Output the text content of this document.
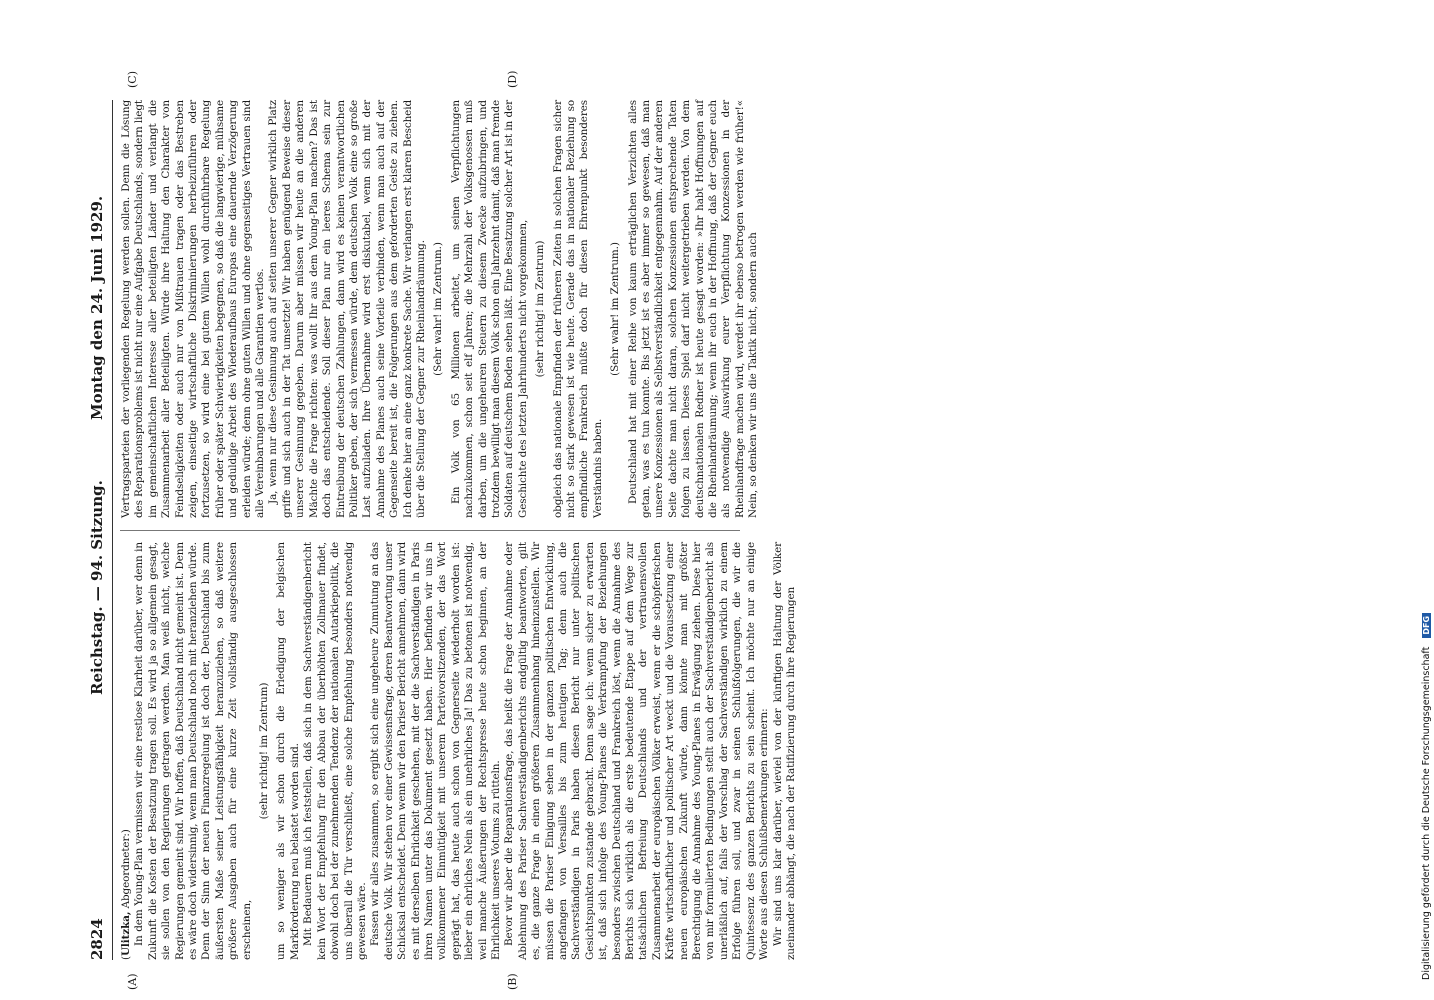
2824
Reichstag. — 94. Sitzung.
Montag den 24. Juni 1929.
(A)	(B)
(C)	(D)

(Ulitzka, Abgeordneter:) In dem Young-Plan vermissen wir eine restlose Klarheit darüber, wer denn in Zukunft die Kosten der Besatzung tragen soll. Es wird ja so allgemein gesagt, sie sollen von den Regierungen getragen werden. Man weiß nicht, welche Regierungen gemeint sind. Wir hoffen, daß Deutschland nicht gemeint ist. Denn es wäre doch widersinnig, wenn man Deutschland noch mit heranziehen würde. Denn der Sinn der neuen Finanzregelung ist doch der, Deutschland bis zum äußersten Maße seiner Leistungsfähigkeit heranzuziehen, so daß weitere größere Ausgaben auch für eine kurze Zeit vollständig ausgeschlossen erscheinen,

(sehr richtig! im Zentrum) um so weniger als wir schon durch die Erledigung der belgischen Markforderung neu belastet worden sind. Mit Bedauern muß ich feststellen, daß sich in dem Sachverständigenbericht kein Wort der Empfehlung für den Abbau der überhöhten Zollmauer findet, obwohl doch bei der zunehmenden Tendenz der nationalen Autarkiepolitik, die uns überall die Tür verschließt, eine solche Empfehlung besonders notwendig gewesen wäre. Fassen wir alles zusammen, so ergibt sich eine ungeheure Zumutung an das deutsche Volk. Wir stehen vor einer Gewissensfrage, deren Beantwortung unser Schicksal entscheidet. Denn wenn wir den Pariser Bericht annehmen, dann wird es mit derselben Ehrlichkeit geschehen, mit der die Sachverständigen in Paris ihren Namen unter das Dokument gesetzt haben. Hier befinden wir uns in vollkommener Einmütigkeit mit unserem Parteivorsitzenden, der das Wort geprägt hat, das heute auch schon von Gegnerseite wiederholt worden ist: lieber ein ehrliches Nein als ein unehrliches Ja! Das zu betonen ist notwendig, weil manche Äußerungen der Rechtspresse heute schon beginnen, an der Ehrlichkeit unseres Votums zu rütteln. Bevor wir aber die Reparationsfrage, das heißt die Frage der Annahme oder Ablehnung des Pariser Sachverständigenberichts endgültig beantworten, gilt es, die ganze Frage in einen größeren Zusammenhang hineinzustellen. Wir müssen die Pariser Einigung sehen in der ganzen politischen Entwicklung, angefangen von Versailles bis zum heutigen Tag; denn auch die Sachverständigen in Paris haben diesen Bericht nur unter politischen Gesichtspunkten zustande gebracht. Denn sage ich: wenn sicher zu erwarten ist, daß sich infolge des Young-Planes die Verkrampfung der Beziehungen besonders zwischen Deutschland und Frankreich löst, wenn die Annahme des Berichts sich wirklich als die erste bedeutende Etappe auf dem Wege zur tatsächlichen Befreiung Deutschlands und der vertrauensvollen Zusammenarbeit der europäischen Völker erweist, wenn er die schöpferischen Kräfte wirtschaftlicher und politischer Art weckt und die Voraussetzung einer neuen europäischen Zukunft würde, dann könnte man mit größter Berechtigung die Annahme des Young-Planes in Erwägung ziehen. Diese hier von mir formulierten Bedingungen stellt auch der Sachverständigenbericht als unerläßlich auf, falls der Vorschlag der Sachverständigen wirklich zu einem Erfolge führen soll, und zwar in seinen Schlußfolgerungen, die wir die Quintessenz des ganzen Berichts zu sein scheint. Ich möchte nur an einige Worte aus diesen Schlußbemerkungen erinnern: Wir sind uns klar darüber, wieviel von der künftigen Haltung der Völker zueinander abhängt, die nach der Ratifizierung durch ihre Regierungen

Vertragsparteien der vorliegenden Regelung werden sollen. Denn die Lösung des Reparationsproblems ist nicht nur eine Aufgabe Deutschlands, sondern liegt im gemeinschaftlichen Interesse aller beteiligten Länder und verlangt die Zusammenarbeit aller Beteiligten. Würde ihre Haltung den Charakter von Feindseligkeiten oder auch nur von Mißtrauen tragen oder das Bestreben zeigen, einseitige wirtschaftliche Diskriminierungen herbeizuführen oder fortzusetzen, so wird eine bei gutem Willen wohl durchführbare Regelung früher oder später Schwierigkeiten begegnen, so daß die langwierige, mühsame und geduldige Arbeit des Wiederaufbaus Europas eine dauernde Verzögerung erleiden würde; denn ohne guten Willen und ohne gegenseitiges Vertrauen sind alle Vereinbarungen und alle Garantien wertlos. Ja, wenn nur diese Gesinnung auch auf seiten unserer Gegner wirklich Platz griffe und sich auch in der Tat umsetzte! Wir haben genügend Beweise dieser unserer Gesinnung gegeben. Darum aber müssen wir heute an die anderen Mächte die Frage richten: was wollt Ihr aus dem Young-Plan machen? Das ist doch das entscheidende. Soll dieser Plan nur ein leeres Schema sein zur Eintreibung der deutschen Zahlungen, dann wird es keinen verantwortlichen Politiker geben, der sich vermessen würde, dem deutschen Volk eine so große Last aufzuladen. Ihre Übernahme wird erst diskutabel, wenn sich mit der Annahme des Planes auch seine Vorteile verbinden, wenn man auch auf der Gegenseite bereit ist, die Folgerungen aus dem geforderten Geiste zu ziehen. Ich denke hier an eine ganz konkrete Sache. Wir verlangen erst klaren Bescheid über die Stellung der Gegner zur Rheinlandräumung. (Sehr wahr! im Zentrum.) Ein Volk von 65 Millionen arbeitet, um seinen Verpflichtungen nachzukommen, schon seit elf Jahren; die Mehrzahl der Volksgenossen muß darben, um die ungeheuren Steuern zu diesem Zwecke aufzubringen, und trotzdem bewilligt man diesem Volk schon ein Jahrzehnt damit, daß man fremde Soldaten auf deutschem Boden sehen läßt. Eine Besatzung solcher Art ist in der Geschichte des letzten Jahrhunderts nicht vorgekommen, (sehr richtig! im Zentrum) obgleich das nationale Empfinden der früheren Zeiten in solchen Fragen sicher nicht so stark gewesen ist wie heute. Gerade das in nationaler Beziehung so empfindliche Frankreich müßte doch für diesen Ehrenpunkt besonderes Verständnis haben.

(Sehr wahr! im Zentrum.) Deutschland hat mit einer Reihe von kaum erträglichen Verzichten alles getan, was es tun konnte. Bis jetzt ist es aber immer so gewesen, daß man unsere Konzessionen als Selbstverständlichkeit entgegennahm. Auf der anderen Seite dachte man nicht daran, solchen Konzessionen entsprechende Taten folgen zu lassen. Dieses Spiel darf nicht weitergetrieben werden. Von dem deutschnationalen Redner ist heute gesagt worden: »Ihr habt Hoffnungen auf die Rheinlandräumung; wenn ihr euch in der Hoffnung, daß der Gegner euch als notwendige Auswirkung eurer Verpflichtung Konzessionen in der Rheinlandfrage machen wird, werdet ihr ebenso betrogen werden wie früher!« Nein, so denken wir uns die Taktik nicht, sondern auch

Digitalisierung gefördert durch die Deutsche Forschungsgemeinschaft DFG
